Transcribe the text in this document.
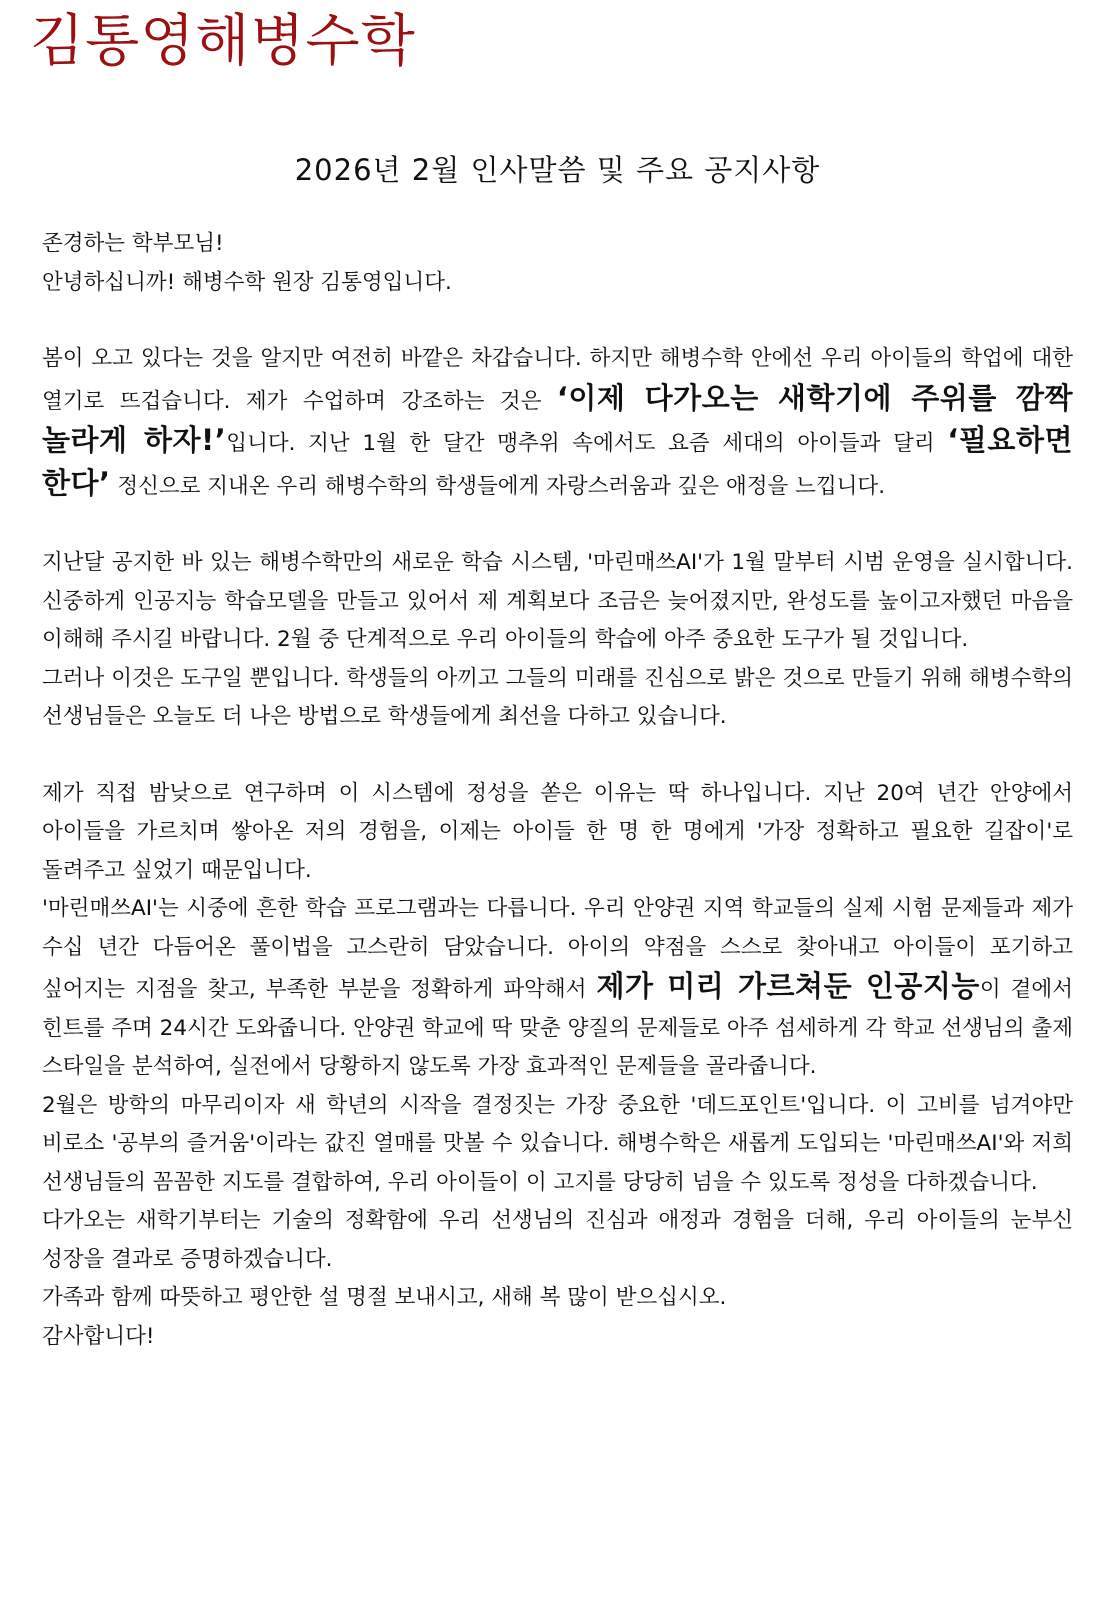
김통영해병수학
2026년 2월 인사말씀 및 주요 공지사항

존경하는 학부모님!

안녕하십니까! 해병수학 원장 김통영입니다.

봄이 오고 있다는 것을 알지만 여전히 바깥은 차갑습니다. 하지만 해병수학 안에선 우리 아이들의 학업에 대한 열기로 뜨겁습니다. 제가 수업하며 강조하는 것은 ‘이제 다가오는 새학기에 주위를 깜짝 놀라게 하자!’입니다. 지난 1월 한 달간 맹추위 속에서도 요즘 세대의 아이들과 달리 ‘필요하면 한다’ 정신으로 지내온 우리 해병수학의 학생들에게 자랑스러움과 깊은 애정을 느낍니다.

지난달 공지한 바 있는 해병수학만의 새로운 학습 시스템, '마린매쓰AI'가 1월 말부터 시범 운영을 실시합니다. 신중하게 인공지능 학습모델을 만들고 있어서 제 계획보다 조금은 늦어졌지만, 완성도를 높이고자했던 마음을 이해해 주시길 바랍니다. 2월 중 단계적으로 우리 아이들의 학습에 아주 중요한 도구가 될 것입니다.

그러나 이것은 도구일 뿐입니다. 학생들의 아끼고 그들의 미래를 진심으로 밝은 것으로 만들기 위해 해병수학의 선생님들은 오늘도 더 나은 방법으로 학생들에게 최선을 다하고 있습니다.

제가 직접 밤낮으로 연구하며 이 시스템에 정성을 쏟은 이유는 딱 하나입니다. 지난 20여 년간 안양에서 아이들을 가르치며 쌓아온 저의 경험을, 이제는 아이들 한 명 한 명에게 '가장 정확하고 필요한 길잡이'로 돌려주고 싶었기 때문입니다.

'마린매쓰AI'는 시중에 흔한 학습 프로그램과는 다릅니다. 우리 안양권 지역 학교들의 실제 시험 문제들과 제가 수십 년간 다듬어온 풀이법을 고스란히 담았습니다. 아이의 약점을 스스로 찾아내고 아이들이 포기하고 싶어지는 지점을 찾고, 부족한 부분을 정확하게 파악해서 제가 미리 가르쳐둔 인공지능이 곁에서 힌트를 주며 24시간 도와줍니다. 안양권 학교에 딱 맞춘 양질의 문제들로 아주 섬세하게 각 학교 선생님의 출제 스타일을 분석하여, 실전에서 당황하지 않도록 가장 효과적인 문제들을 골라줍니다.

2월은 방학의 마무리이자 새 학년의 시작을 결정짓는 가장 중요한 '데드포인트'입니다. 이 고비를 넘겨야만 비로소 '공부의 즐거움'이라는 값진 열매를 맛볼 수 있습니다. 해병수학은 새롭게 도입되는 '마린매쓰AI'와 저희 선생님들의 꼼꼼한 지도를 결합하여, 우리 아이들이 이 고지를 당당히 넘을 수 있도록 정성을 다하겠습니다.

다가오는 새학기부터는 기술의 정확함에 우리 선생님의 진심과 애정과 경험을 더해, 우리 아이들의 눈부신 성장을 결과로 증명하겠습니다.

가족과 함께 따뜻하고 평안한 설 명절 보내시고, 새해 복 많이 받으십시오.

감사합니다!
